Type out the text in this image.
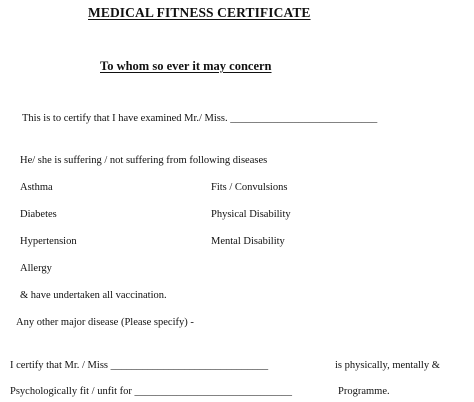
MEDICAL FITNESS CERTIFICATE
To whom so ever it may concern
This is to certify that I have examined Mr./ Miss. ____________________________
He/ she is suffering / not suffering from following diseases
Asthma	Fits / Convulsions
Diabetes	Physical Disability
Hypertension	Mental Disability
Allergy
& have undertaken all vaccination.
Any other major disease (Please specify) -
I certify that Mr. / Miss ______________________________	is physically, mentally &
Psychologically fit / unfit for ______________________________	Programme.
